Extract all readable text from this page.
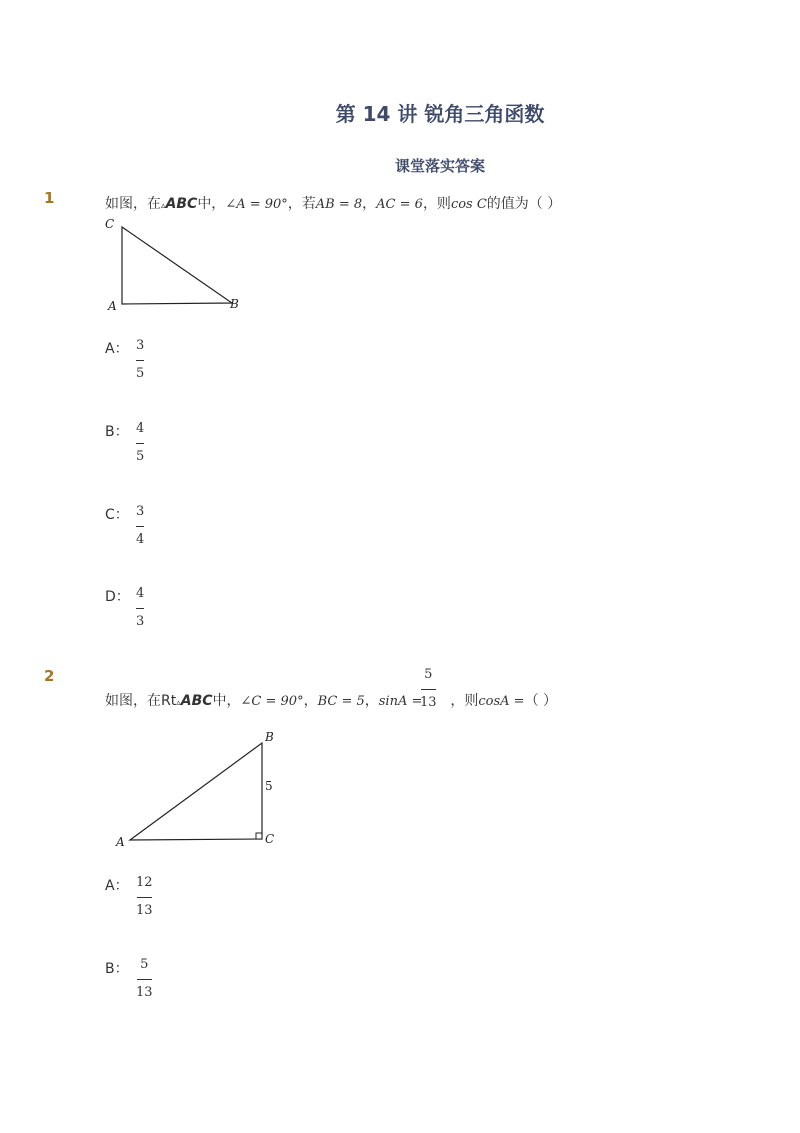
第 14 讲 锐角三角函数
课堂落实答案
1	如图，在▵ABC中，∠A = 90°，若AB = 8，AC = 6，则cos C的值为（ ）
C
A	B
A： 3
5
B： 4
5
C： 3
4
D： 4
3
2
如图，在Rt▵ABC中，∠C = 90°，BC = 5，sinA = ，则cosA =（ ）
5
13
B
5
A	C
A： 12
13
B： 5
13
